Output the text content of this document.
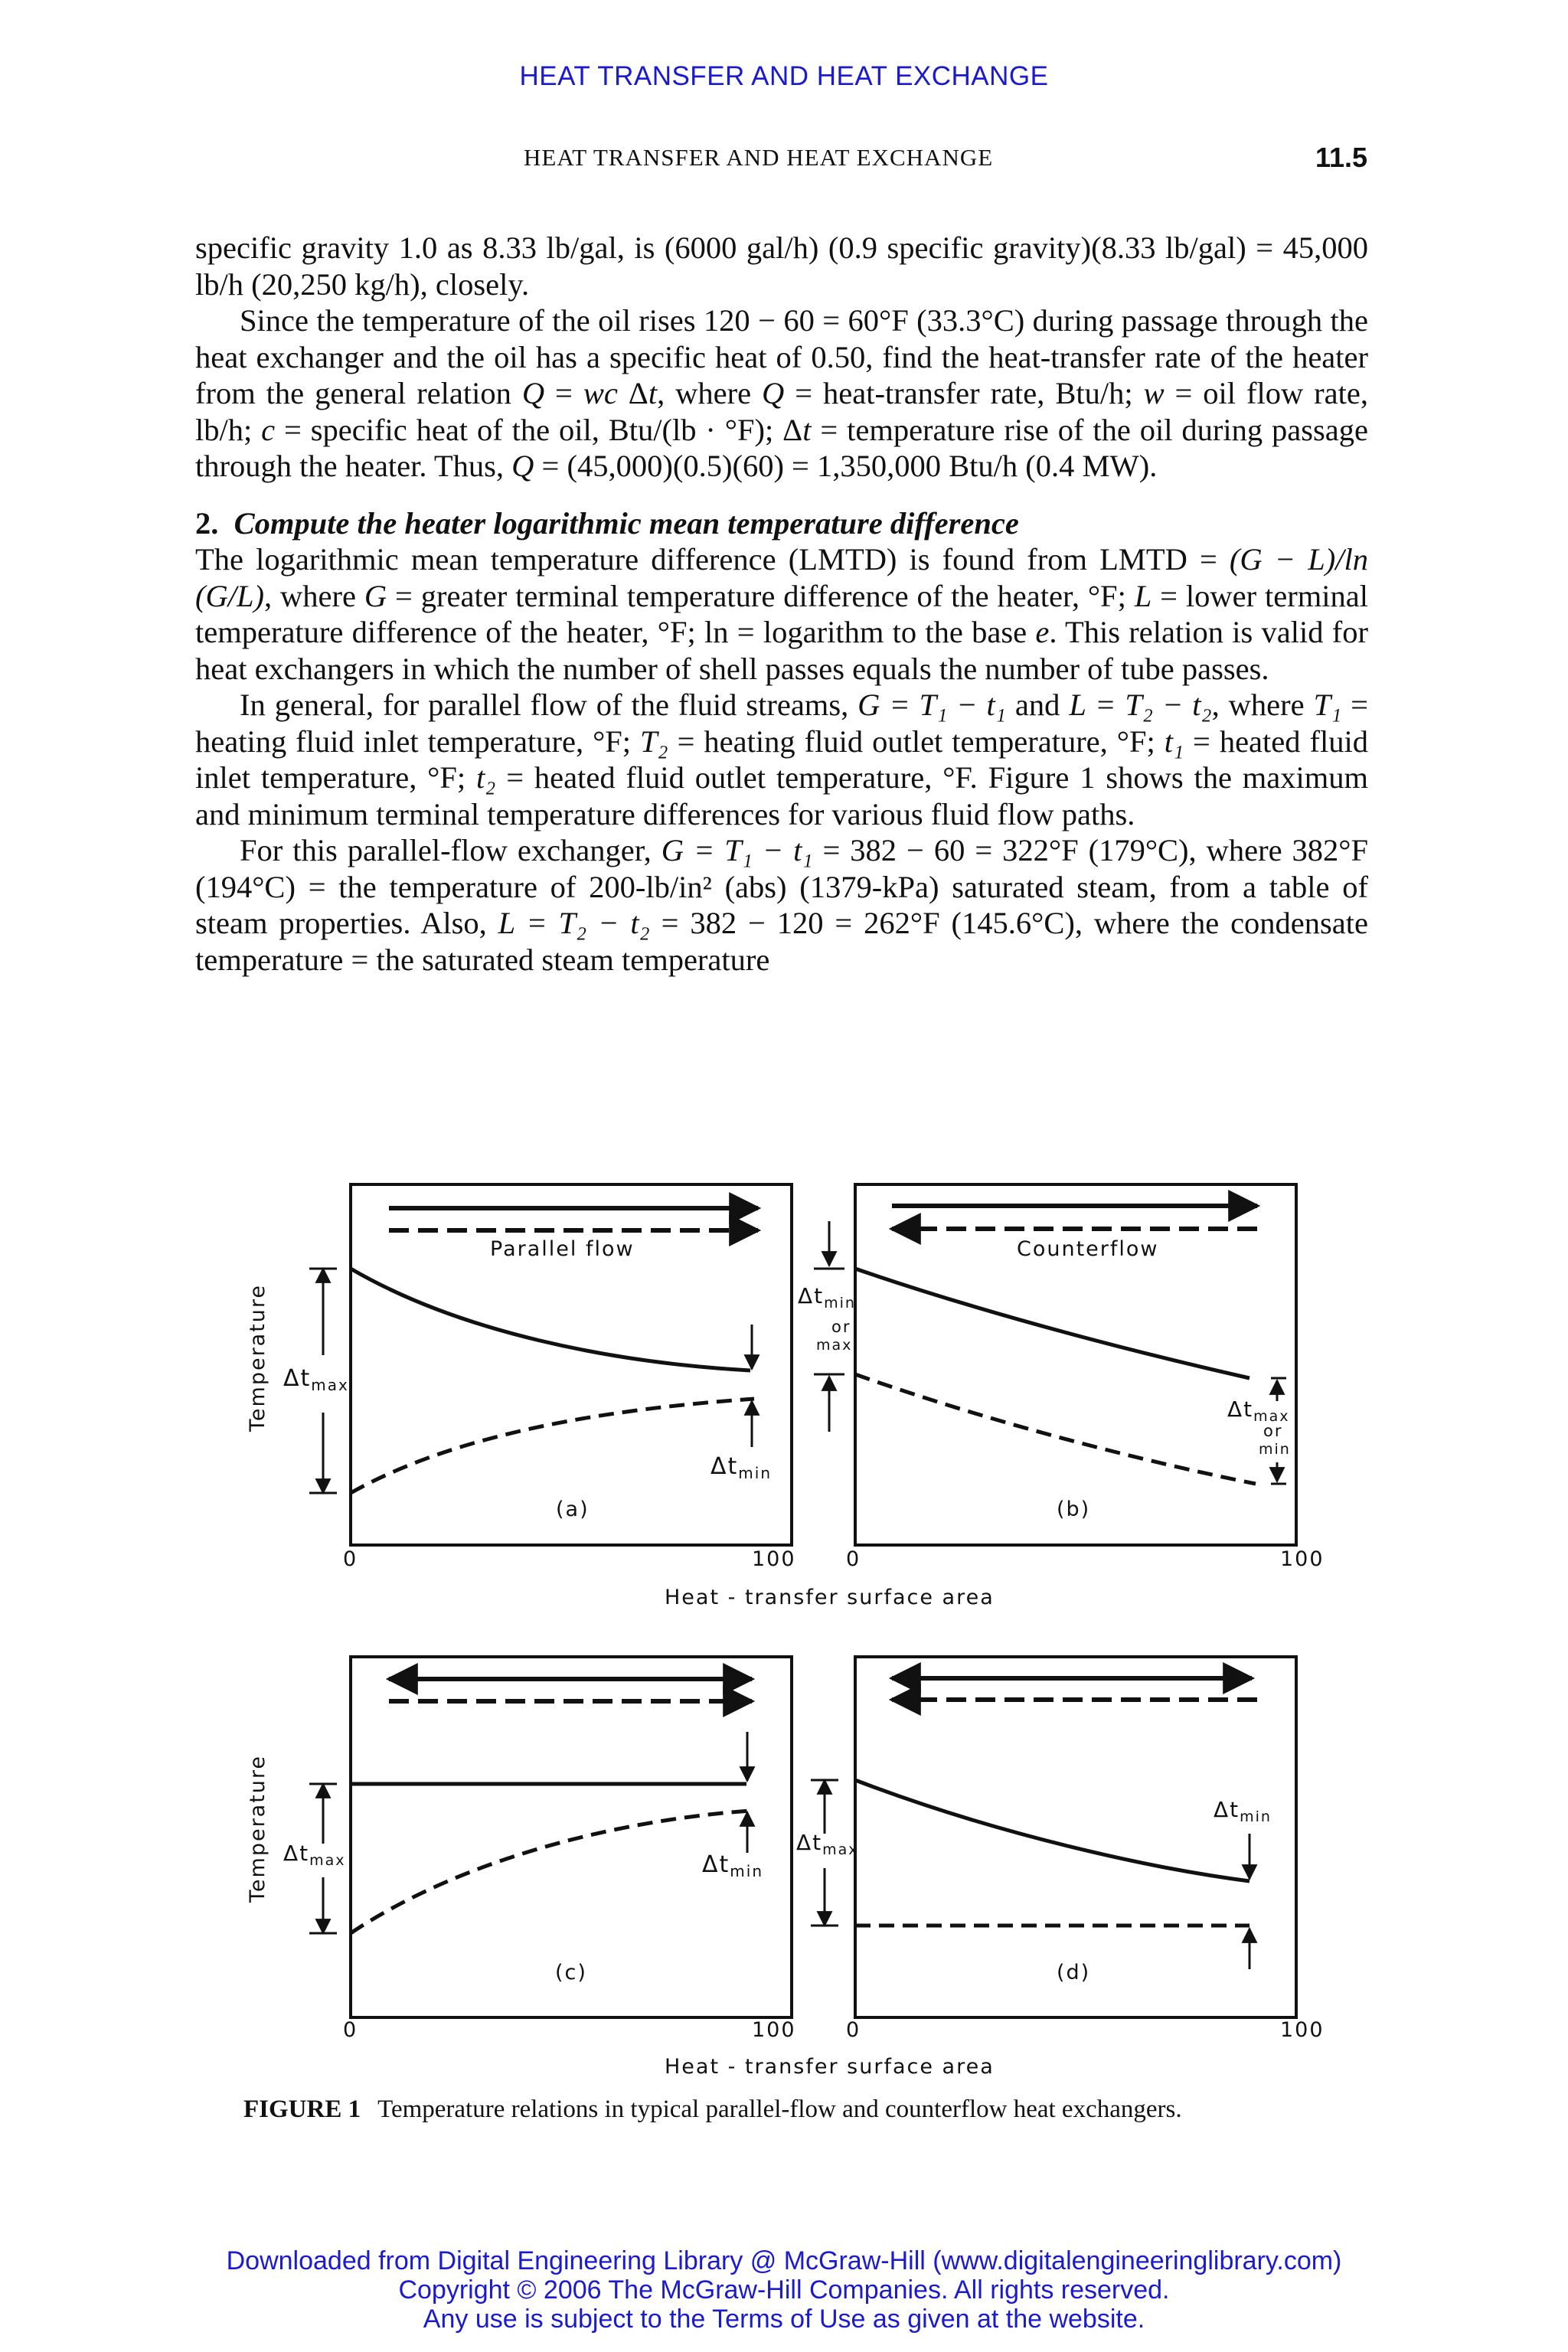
HEAT TRANSFER AND HEAT EXCHANGE
HEAT TRANSFER AND HEAT EXCHANGE	11.5

specific gravity 1.0 as 8.33 lb/gal, is (6000 gal/h) (0.9 specific gravity)(8.33 lb/gal) = 45,000 lb/h (20,250 kg/h), closely.

Since the temperature of the oil rises 120 − 60 = 60°F (33.3°C) during passage through the heat exchanger and the oil has a specific heat of 0.50, find the heat-transfer rate of the heater from the general relation Q = wc Δt, where Q = heat-transfer rate, Btu/h; w = oil flow rate, lb/h; c = specific heat of the oil, Btu/(lb · °F); Δt = temperature rise of the oil during passage through the heater. Thus, Q = (45,000)(0.5)(60) = 1,350,000 Btu/h (0.4 MW).

2. Compute the heater logarithmic mean temperature difference

The logarithmic mean temperature difference (LMTD) is found from LMTD = (G − L)/ln (G/L), where G = greater terminal temperature difference of the heater, °F; L = lower terminal temperature difference of the heater, °F; ln = logarithm to the base e. This relation is valid for heat exchangers in which the number of shell passes equals the number of tube passes.

In general, for parallel flow of the fluid streams, G = T₁ − t₁ and L = T₂ − t₂, where T₁ = heating fluid inlet temperature, °F; T₂ = heating fluid outlet temperature, °F; t₁ = heated fluid inlet temperature, °F; t₂ = heated fluid outlet temperature, °F. Figure 1 shows the maximum and minimum terminal temperature differences for various fluid flow paths.

For this parallel-flow exchanger, G = T₁ − t₁ = 382 − 60 = 322°F (179°C), where 382°F (194°C) = the temperature of 200-lb/in² (abs) (1379-kPa) saturated steam, from a table of steam properties. Also, L = T₂ − t₂ = 382 − 120 = 262°F (145.6°C), where the condensate temperature = the saturated steam temperature

Parallel flow
$\Delta t_{max}$
$\Delta t_{min}$
(a)
Counterflow
$\Delta t_{min}$
or
max
$\Delta t_{max}$
or
min
(b)
0	100 0	100
Heat - transfer surface area
Temperature
$\Delta t_{max}$	$\Delta t_{min}$
(c)
$\Delta t_{max}$
$\Delta t_{min}$
(d)
0	100 0	100
Heat - transfer surface area
Temperature
FIGURE 1 Temperature relations in typical parallel-flow and counterflow heat exchangers.
Downloaded from Digital Engineering Library @ McGraw-Hill (www.digitalengineeringlibrary.com)
Copyright © 2006 The McGraw-Hill Companies. All rights reserved.
Any use is subject to the Terms of Use as given at the website.
